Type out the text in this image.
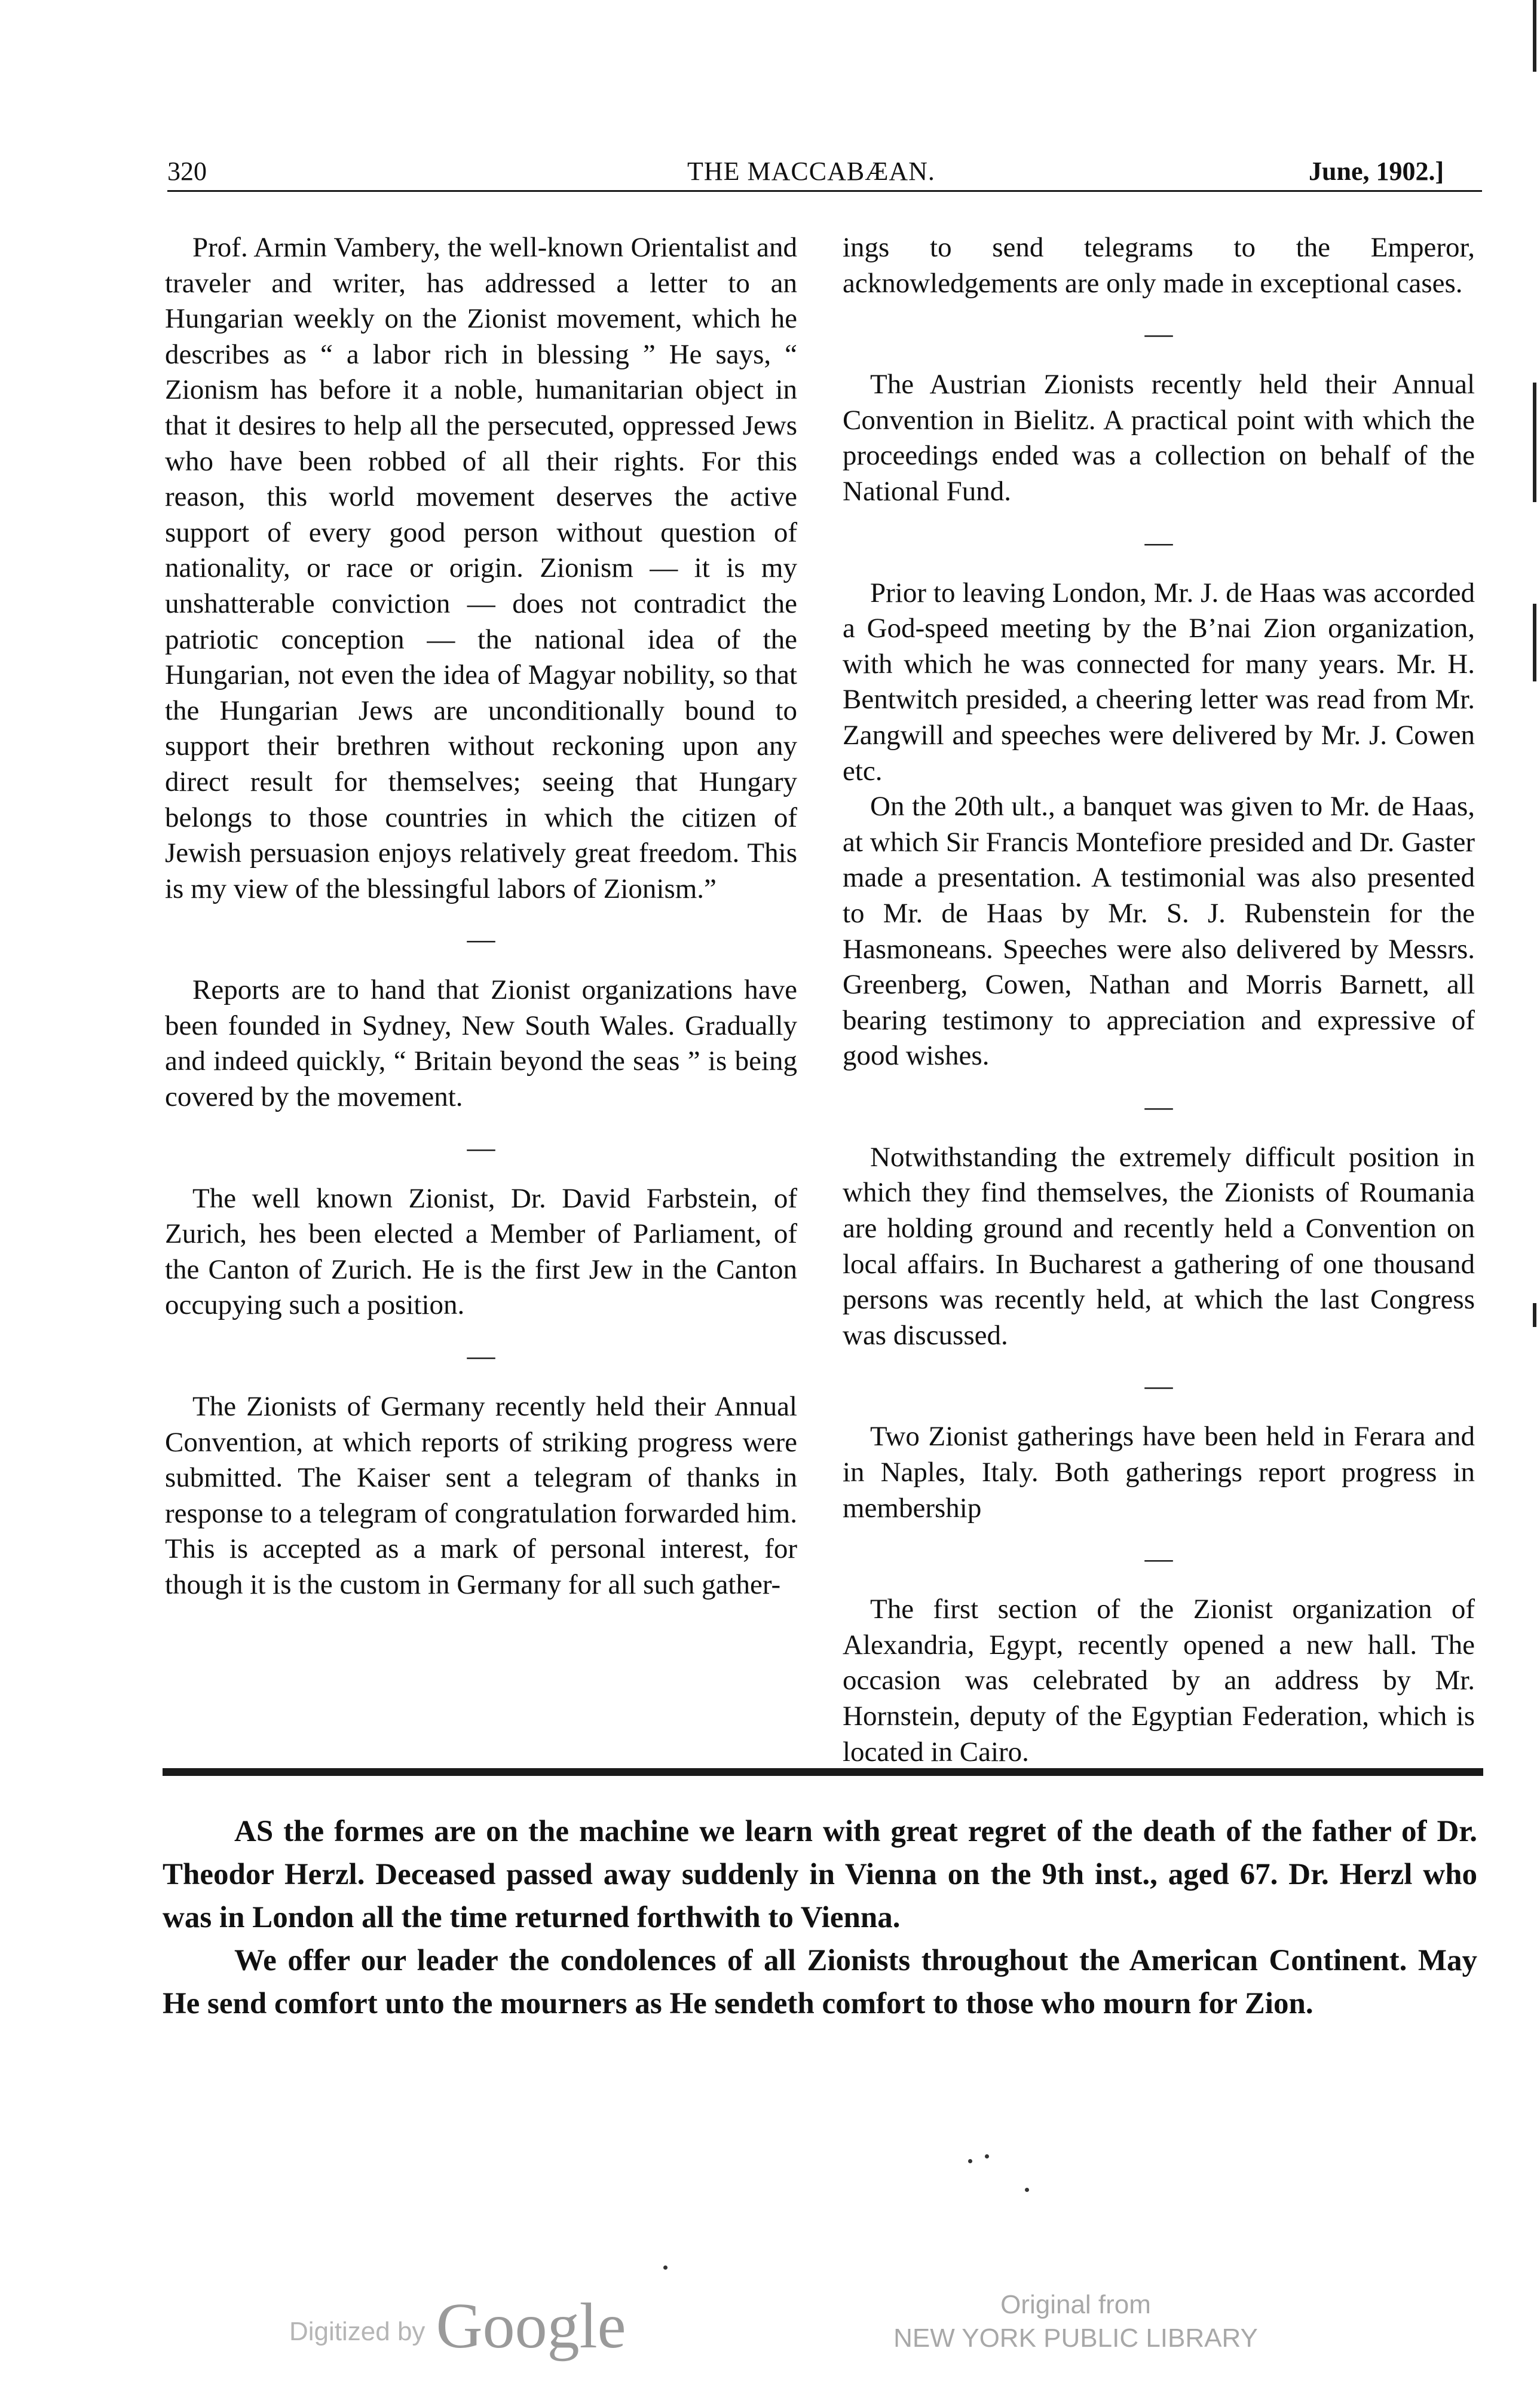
320	THE MACCABÆAN.	June, 1902.]

Prof. Armin Vambery, the well-known Orientalist and traveler and writer, has addressed a letter to an Hungarian weekly on the Zionist movement, which he describes as “ a labor rich in blessing ” He says, “ Zionism has before it a noble, humanitarian object in that it desires to help all the persecuted, oppressed Jews who have been robbed of all their rights. For this reason, this world movement deserves the active support of every good person without question of nationality, or race or origin. Zionism — it is my unshatterable conviction — does not contradict the patriotic conception — the national idea of the Hungarian, not even the idea of Magyar nobility, so that the Hungarian Jews are unconditionally bound to support their brethren without reckoning upon any direct result for themselves; seeing that Hungary belongs to those countries in which the citizen of Jewish persuasion enjoys relatively great freedom. This is my view of the blessingful labors of Zionism.”

—

Reports are to hand that Zionist organizations have been founded in Sydney, New South Wales. Gradually and indeed quickly, “ Britain beyond the seas ” is being covered by the movement.

—

The well known Zionist, Dr. David Farbstein, of Zurich, hes been elected a Member of Parliament, of the Canton of Zurich. He is the first Jew in the Canton occupying such a position.

—

The Zionists of Germany recently held their Annual Convention, at which reports of striking progress were submitted. The Kaiser sent a telegram of thanks in response to a telegram of congratulation forwarded him. This is accepted as a mark of personal interest, for though it is the custom in Germany for all such gather-

ings to send telegrams to the Emperor, acknowledgements are only made in exceptional cases.

—

The Austrian Zionists recently held their Annual Convention in Bielitz. A practical point with which the proceedings ended was a collection on behalf of the National Fund.

—

Prior to leaving London, Mr. J. de Haas was accorded a God-speed meeting by the B’nai Zion organization, with which he was connected for many years. Mr. H. Bentwitch presided, a cheering letter was read from Mr. Zangwill and speeches were delivered by Mr. J. Cowen etc.

On the 20th ult., a banquet was given to Mr. de Haas, at which Sir Francis Montefiore presided and Dr. Gaster made a presentation. A testimonial was also presented to Mr. de Haas by Mr. S. J. Rubenstein for the Hasmoneans. Speeches were also delivered by Messrs. Greenberg, Cowen, Nathan and Morris Barnett, all bearing testimony to appreciation and expressive of good wishes.

—

Notwithstanding the extremely difficult position in which they find themselves, the Zionists of Roumania are holding ground and recently held a Convention on local affairs. In Bucharest a gathering of one thousand persons was recently held, at which the last Congress was discussed.

—

Two Zionist gatherings have been held in Ferara and in Naples, Italy. Both gatherings report progress in membership

—

The first section of the Zionist organization of Alexandria, Egypt, recently opened a new hall. The occasion was celebrated by an address by Mr. Hornstein, deputy of the Egyptian Federation, which is located in Cairo.

AS the formes are on the machine we learn with great regret of the death of the father of Dr. Theodor Herzl. Deceased passed away suddenly in Vienna on the 9th inst., aged 67. Dr. Herzl who was in London all the time returned forthwith to Vienna.

We offer our leader the condolences of all Zionists throughout the American Continent. May He send comfort unto the mourners as He sendeth comfort to those who mourn for Zion.

Digitized by Google	Original from
NEW YORK PUBLIC LIBRARY
